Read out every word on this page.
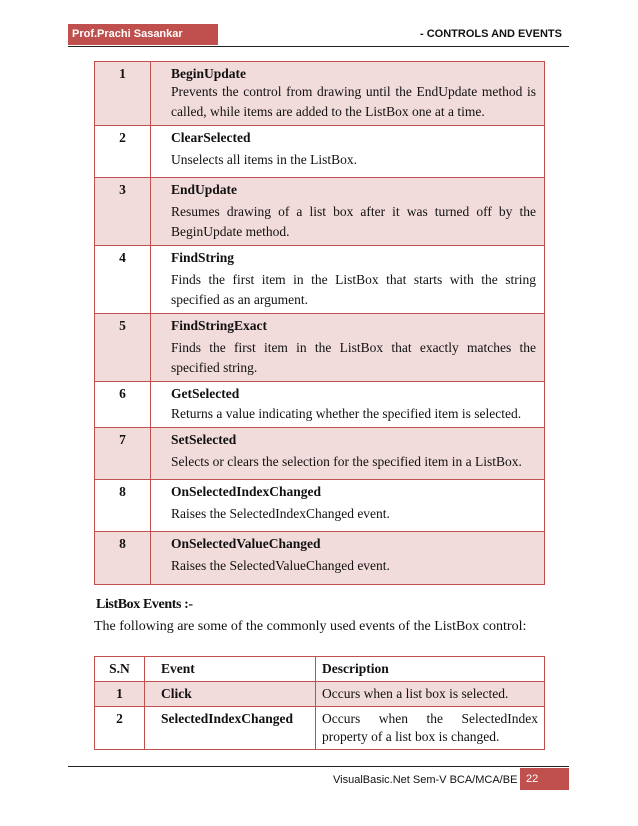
Prof.Prachi Sasankar	- CONTROLS AND EVENTS
1	BeginUpdate
Prevents the control from drawing until the EndUpdate method is called, while items are added to the ListBox one at a time.

2	ClearSelected
Unselects all items in the ListBox.

3	EndUpdate
Resumes drawing of a list box after it was turned off by the BeginUpdate method.

4	FindString
Finds the first item in the ListBox that starts with the string specified as an argument.

5	FindStringExact
Finds the first item in the ListBox that exactly matches the specified string.

6	GetSelected
Returns a value indicating whether the specified item is selected.

7	SetSelected
Selects or clears the selection for the specified item in a ListBox.

8	OnSelectedIndexChanged
Raises the SelectedIndexChanged event.

8	OnSelectedValueChanged
Raises the SelectedValueChanged event.
ListBox Events :-
The following are some of the commonly used events of the ListBox control:
S.N	Event	Description
1	Click	Occurs when a list box is selected.
2	SelectedIndexChanged	Occurs when the SelectedIndex property of a list box is changed.
VisualBasic.Net Sem-V BCA/MCA/BE 22
